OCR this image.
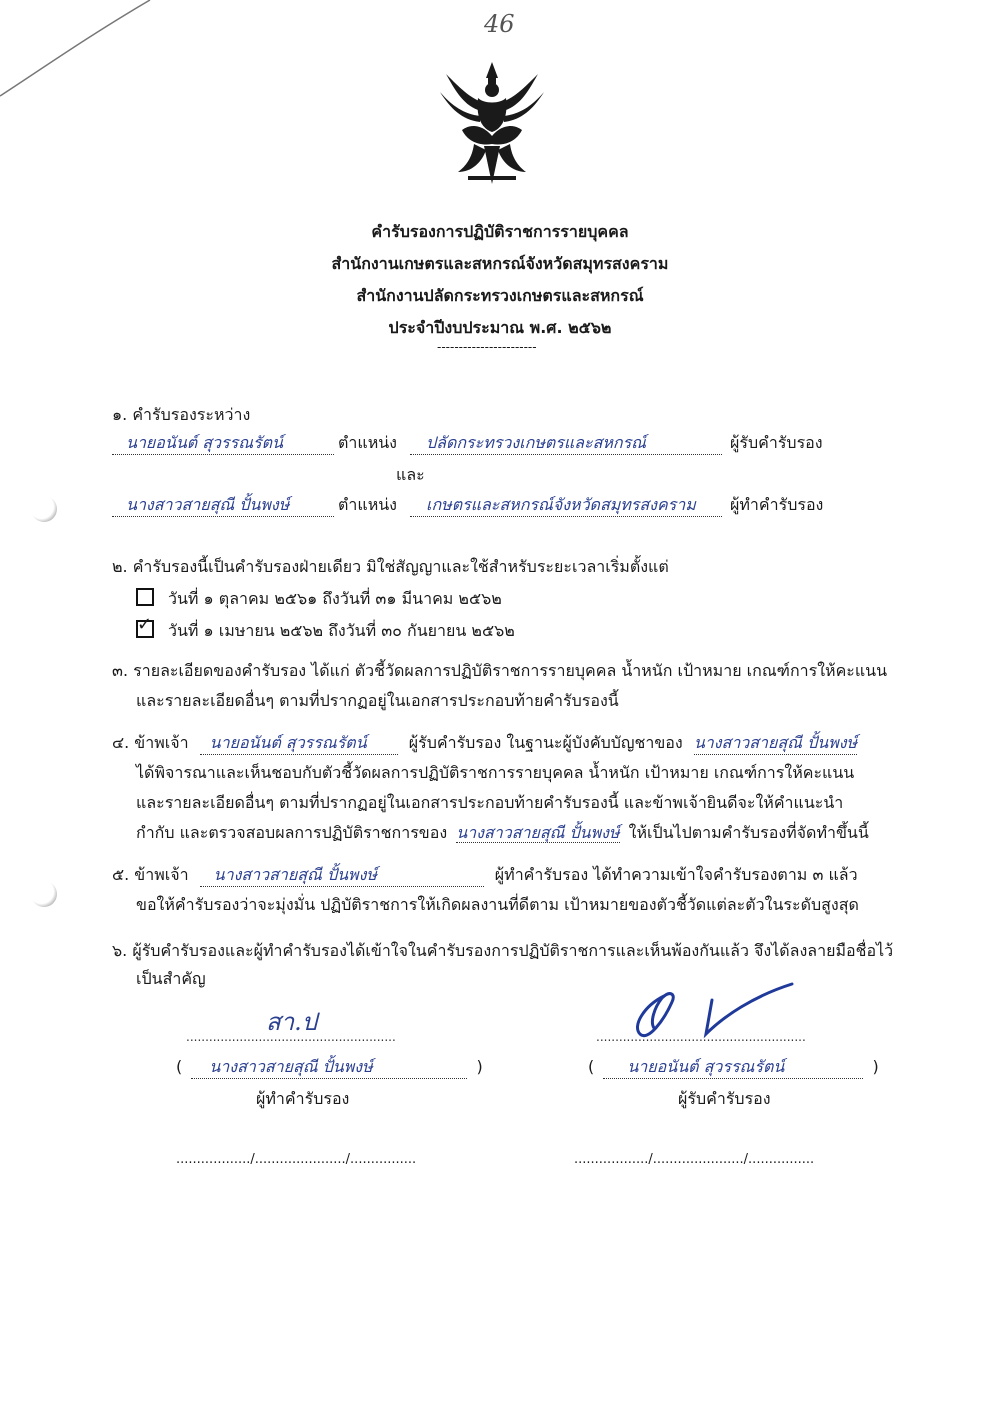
46
คำรับรองการปฏิบัติราชการรายบุคคล
สำนักงานเกษตรและสหกรณ์จังหวัดสมุทรสงคราม
สำนักงานปลัดกระทรวงเกษตรและสหกรณ์
ประจำปีงบประมาณ พ.ศ. ๒๕๖๒
-----------------------
๑. คำรับรองระหว่าง
นายอนันต์ สุวรรณรัตน์	ตำแหน่ง	ปลัดกระทรวงเกษตรและสหกรณ์	ผู้รับคำรับรอง
และ
นางสาวสายสุณี ปั้นพงษ์	ตำแหน่ง	เกษตรและสหกรณ์จังหวัดสมุทรสงคราม	ผู้ทำคำรับรอง
๒. คำรับรองนี้เป็นคำรับรองฝ่ายเดียว มิใช่สัญญาและใช้สำหรับระยะเวลาเริ่มตั้งแต่
วันที่ ๑ ตุลาคม ๒๕๖๑ ถึงวันที่ ๓๑ มีนาคม ๒๕๖๒
✓ วันที่ ๑ เมษายน ๒๕๖๒ ถึงวันที่ ๓๐ กันยายน ๒๕๖๒
๓. รายละเอียดของคำรับรอง ได้แก่ ตัวชี้วัดผลการปฏิบัติราชการรายบุคคล น้ำหนัก เป้าหมาย เกณฑ์การให้คะแนน
และรายละเอียดอื่นๆ ตามที่ปรากฏอยู่ในเอกสารประกอบท้ายคำรับรองนี้
๔. ข้าพเจ้า นายอนันต์ สุวรรณรัตน์	ผู้รับคำรับรอง ในฐานะผู้บังคับบัญชาของ นางสาวสายสุณี ปั้นพงษ์
ได้พิจารณาและเห็นชอบกับตัวชี้วัดผลการปฏิบัติราชการรายบุคคล น้ำหนัก เป้าหมาย เกณฑ์การให้คะแนน
และรายละเอียดอื่นๆ ตามที่ปรากฏอยู่ในเอกสารประกอบท้ายคำรับรองนี้ และข้าพเจ้ายินดีจะให้คำแนะนำ
กำกับ และตรวจสอบผลการปฏิบัติราชการของ นางสาวสายสุณี ปั้นพงษ์ ให้เป็นไปตามคำรับรองที่จัดทำขึ้นนี้
๕. ข้าพเจ้า นางสาวสายสุณี ปั้นพงษ์	ผู้ทำคำรับรอง ได้ทำความเข้าใจคำรับรองตาม ๓ แล้ว
ขอให้คำรับรองว่าจะมุ่งมั่น ปฏิบัติราชการให้เกิดผลงานที่ดีตาม เป้าหมายของตัวชี้วัดแต่ละตัวในระดับสูงสุด
๖. ผู้รับคำรับรองและผู้ทำคำรับรองได้เข้าใจในคำรับรองการปฏิบัติราชการและเห็นพ้องกันแล้ว จึงได้ลงลายมือชื่อไว้
เป็นสำคัญ
สา.ป
.......................................................
( นางสาวสายสุณี ปั้นพงษ์	)
ผู้ทำคำรับรอง
................../....................../................
.......................................................
( นายอนันต์ สุวรรณรัตน์	)
ผู้รับคำรับรอง
................../....................../................
